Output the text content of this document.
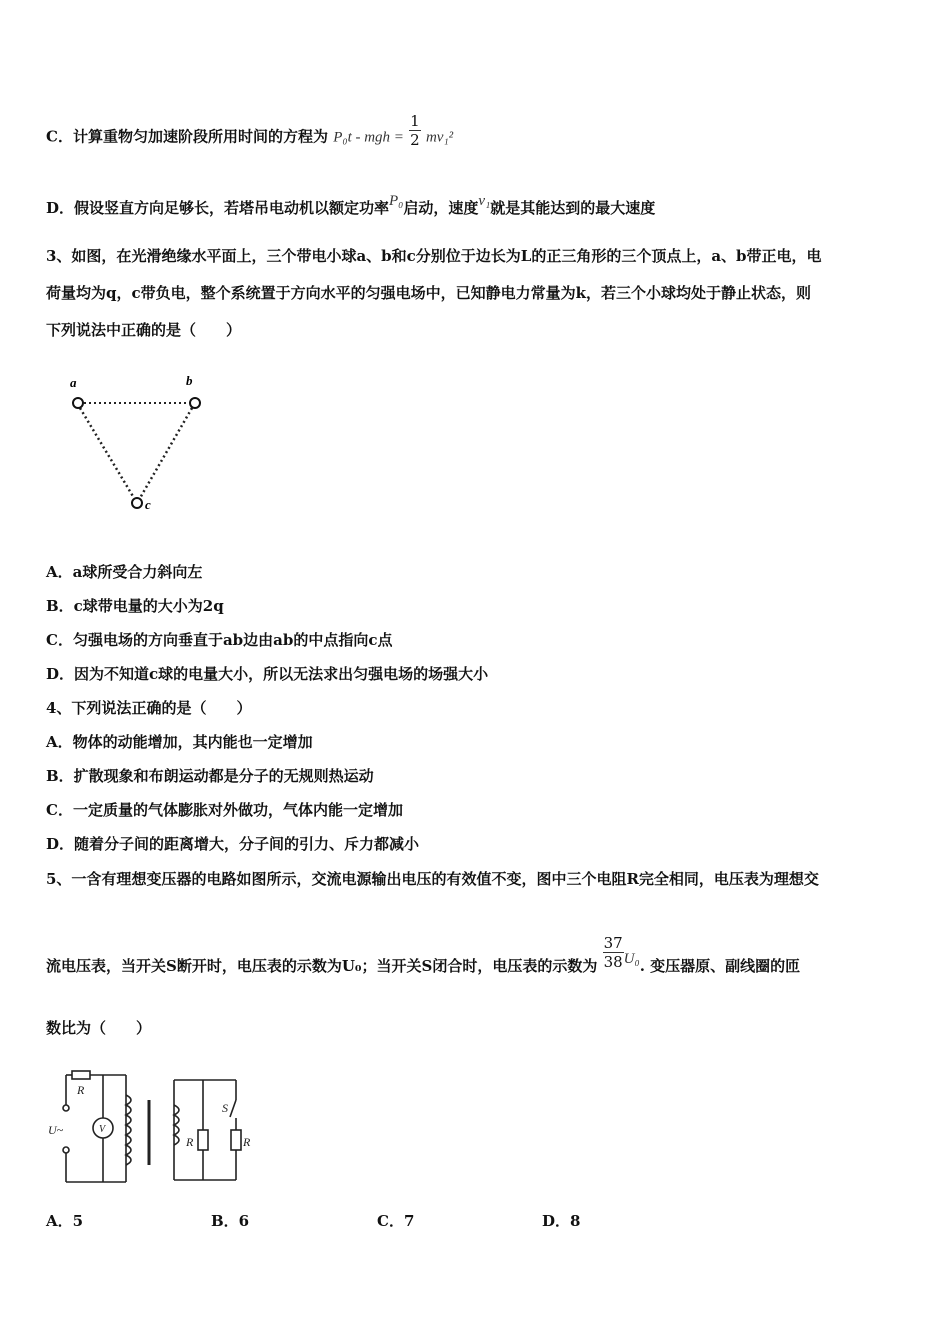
C．计算重物匀加速阶段所用时间的方程为 P₀t - mgh = $\frac{1}{2} mv_1^2$
D．假设竖直方向足够长，若塔吊电动机以额定功率P₀启动，速度v₁就是其能达到的最大速度
3、如图，在光滑绝缘水平面上，三个带电小球a、b和c分别位于边长为L的正三角形的三个顶点上，a、b带正电，电
荷量均为q，c带负电，整个系统置于方向水平的匀强电场中，已知静电力常量为k，若三个小球均处于静止状态，则
下列说法中正确的是（　　）
a	b
c
A．a球所受合力斜向左
B．c球带电量的大小为2q
C．匀强电场的方向垂直于ab边由ab的中点指向c点
D．因为不知道c球的电量大小，所以无法求出匀强电场的场强大小
4、下列说法正确的是（　　）
A．物体的动能增加，其内能也一定增加
B．扩散现象和布朗运动都是分子的无规则热运动
C．一定质量的气体膨胀对外做功，气体内能一定增加
D．随着分子间的距离增大，分子间的引力、斥力都减小
5、一含有理想变压器的电路如图所示，交流电源输出电压的有效值不变，图中三个电阻R完全相同，电压表为理想交
流电压表，当开关S断开时，电压表的示数为U₀；当开关S闭合时，电压表的示数为 $\frac{37}{38} U_0$. 变压器原、副线圈的匝
数比为（　　）
R
U~	V
R
S
R
A．5	B．6	C．7	D．8
